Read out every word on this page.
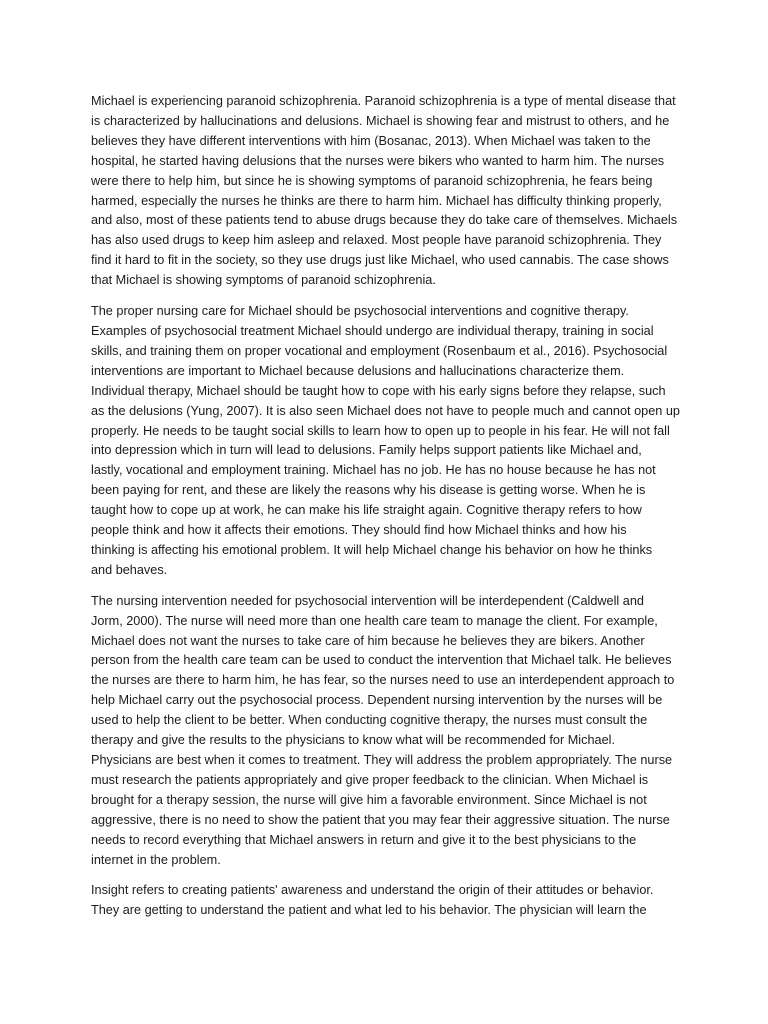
Michael is experiencing paranoid schizophrenia. Paranoid schizophrenia is a type of mental disease that
is characterized by hallucinations and delusions. Michael is showing fear and mistrust to others, and he
believes they have different interventions with him (Bosanac, 2013). When Michael was taken to the
hospital, he started having delusions that the nurses were bikers who wanted to harm him. The nurses
were there to help him, but since he is showing symptoms of paranoid schizophrenia, he fears being
harmed, especially the nurses he thinks are there to harm him. Michael has difficulty thinking properly,
and also, most of these patients tend to abuse drugs because they do take care of themselves. Michaels
has also used drugs to keep him asleep and relaxed. Most people have paranoid schizophrenia. They
find it hard to fit in the society, so they use drugs just like Michael, who used cannabis. The case shows
that Michael is showing symptoms of paranoid schizophrenia.

The proper nursing care for Michael should be psychosocial interventions and cognitive therapy.
Examples of psychosocial treatment Michael should undergo are individual therapy, training in social
skills, and training them on proper vocational and employment (Rosenbaum et al., 2016). Psychosocial
interventions are important to Michael because delusions and hallucinations characterize them.
Individual therapy, Michael should be taught how to cope with his early signs before they relapse, such
as the delusions (Yung, 2007). It is also seen Michael does not have to people much and cannot open up
properly. He needs to be taught social skills to learn how to open up to people in his fear. He will not fall
into depression which in turn will lead to delusions. Family helps support patients like Michael and,
lastly, vocational and employment training. Michael has no job. He has no house because he has not
been paying for rent, and these are likely the reasons why his disease is getting worse. When he is
taught how to cope up at work, he can make his life straight again. Cognitive therapy refers to how
people think and how it affects their emotions. They should find how Michael thinks and how his
thinking is affecting his emotional problem. It will help Michael change his behavior on how he thinks
and behaves.

The nursing intervention needed for psychosocial intervention will be interdependent (Caldwell and
Jorm, 2000). The nurse will need more than one health care team to manage the client. For example,
Michael does not want the nurses to take care of him because he believes they are bikers. Another
person from the health care team can be used to conduct the intervention that Michael talk. He believes
the nurses are there to harm him, he has fear, so the nurses need to use an interdependent approach to
help Michael carry out the psychosocial process. Dependent nursing intervention by the nurses will be
used to help the client to be better. When conducting cognitive therapy, the nurses must consult the
therapy and give the results to the physicians to know what will be recommended for Michael.
Physicians are best when it comes to treatment. They will address the problem appropriately. The nurse
must research the patients appropriately and give proper feedback to the clinician. When Michael is
brought for a therapy session, the nurse will give him a favorable environment. Since Michael is not
aggressive, there is no need to show the patient that you may fear their aggressive situation. The nurse
needs to record everything that Michael answers in return and give it to the best physicians to the
internet in the problem.

Insight refers to creating patients' awareness and understand the origin of their attitudes or behavior.
They are getting to understand the patient and what led to his behavior. The physician will learn the
